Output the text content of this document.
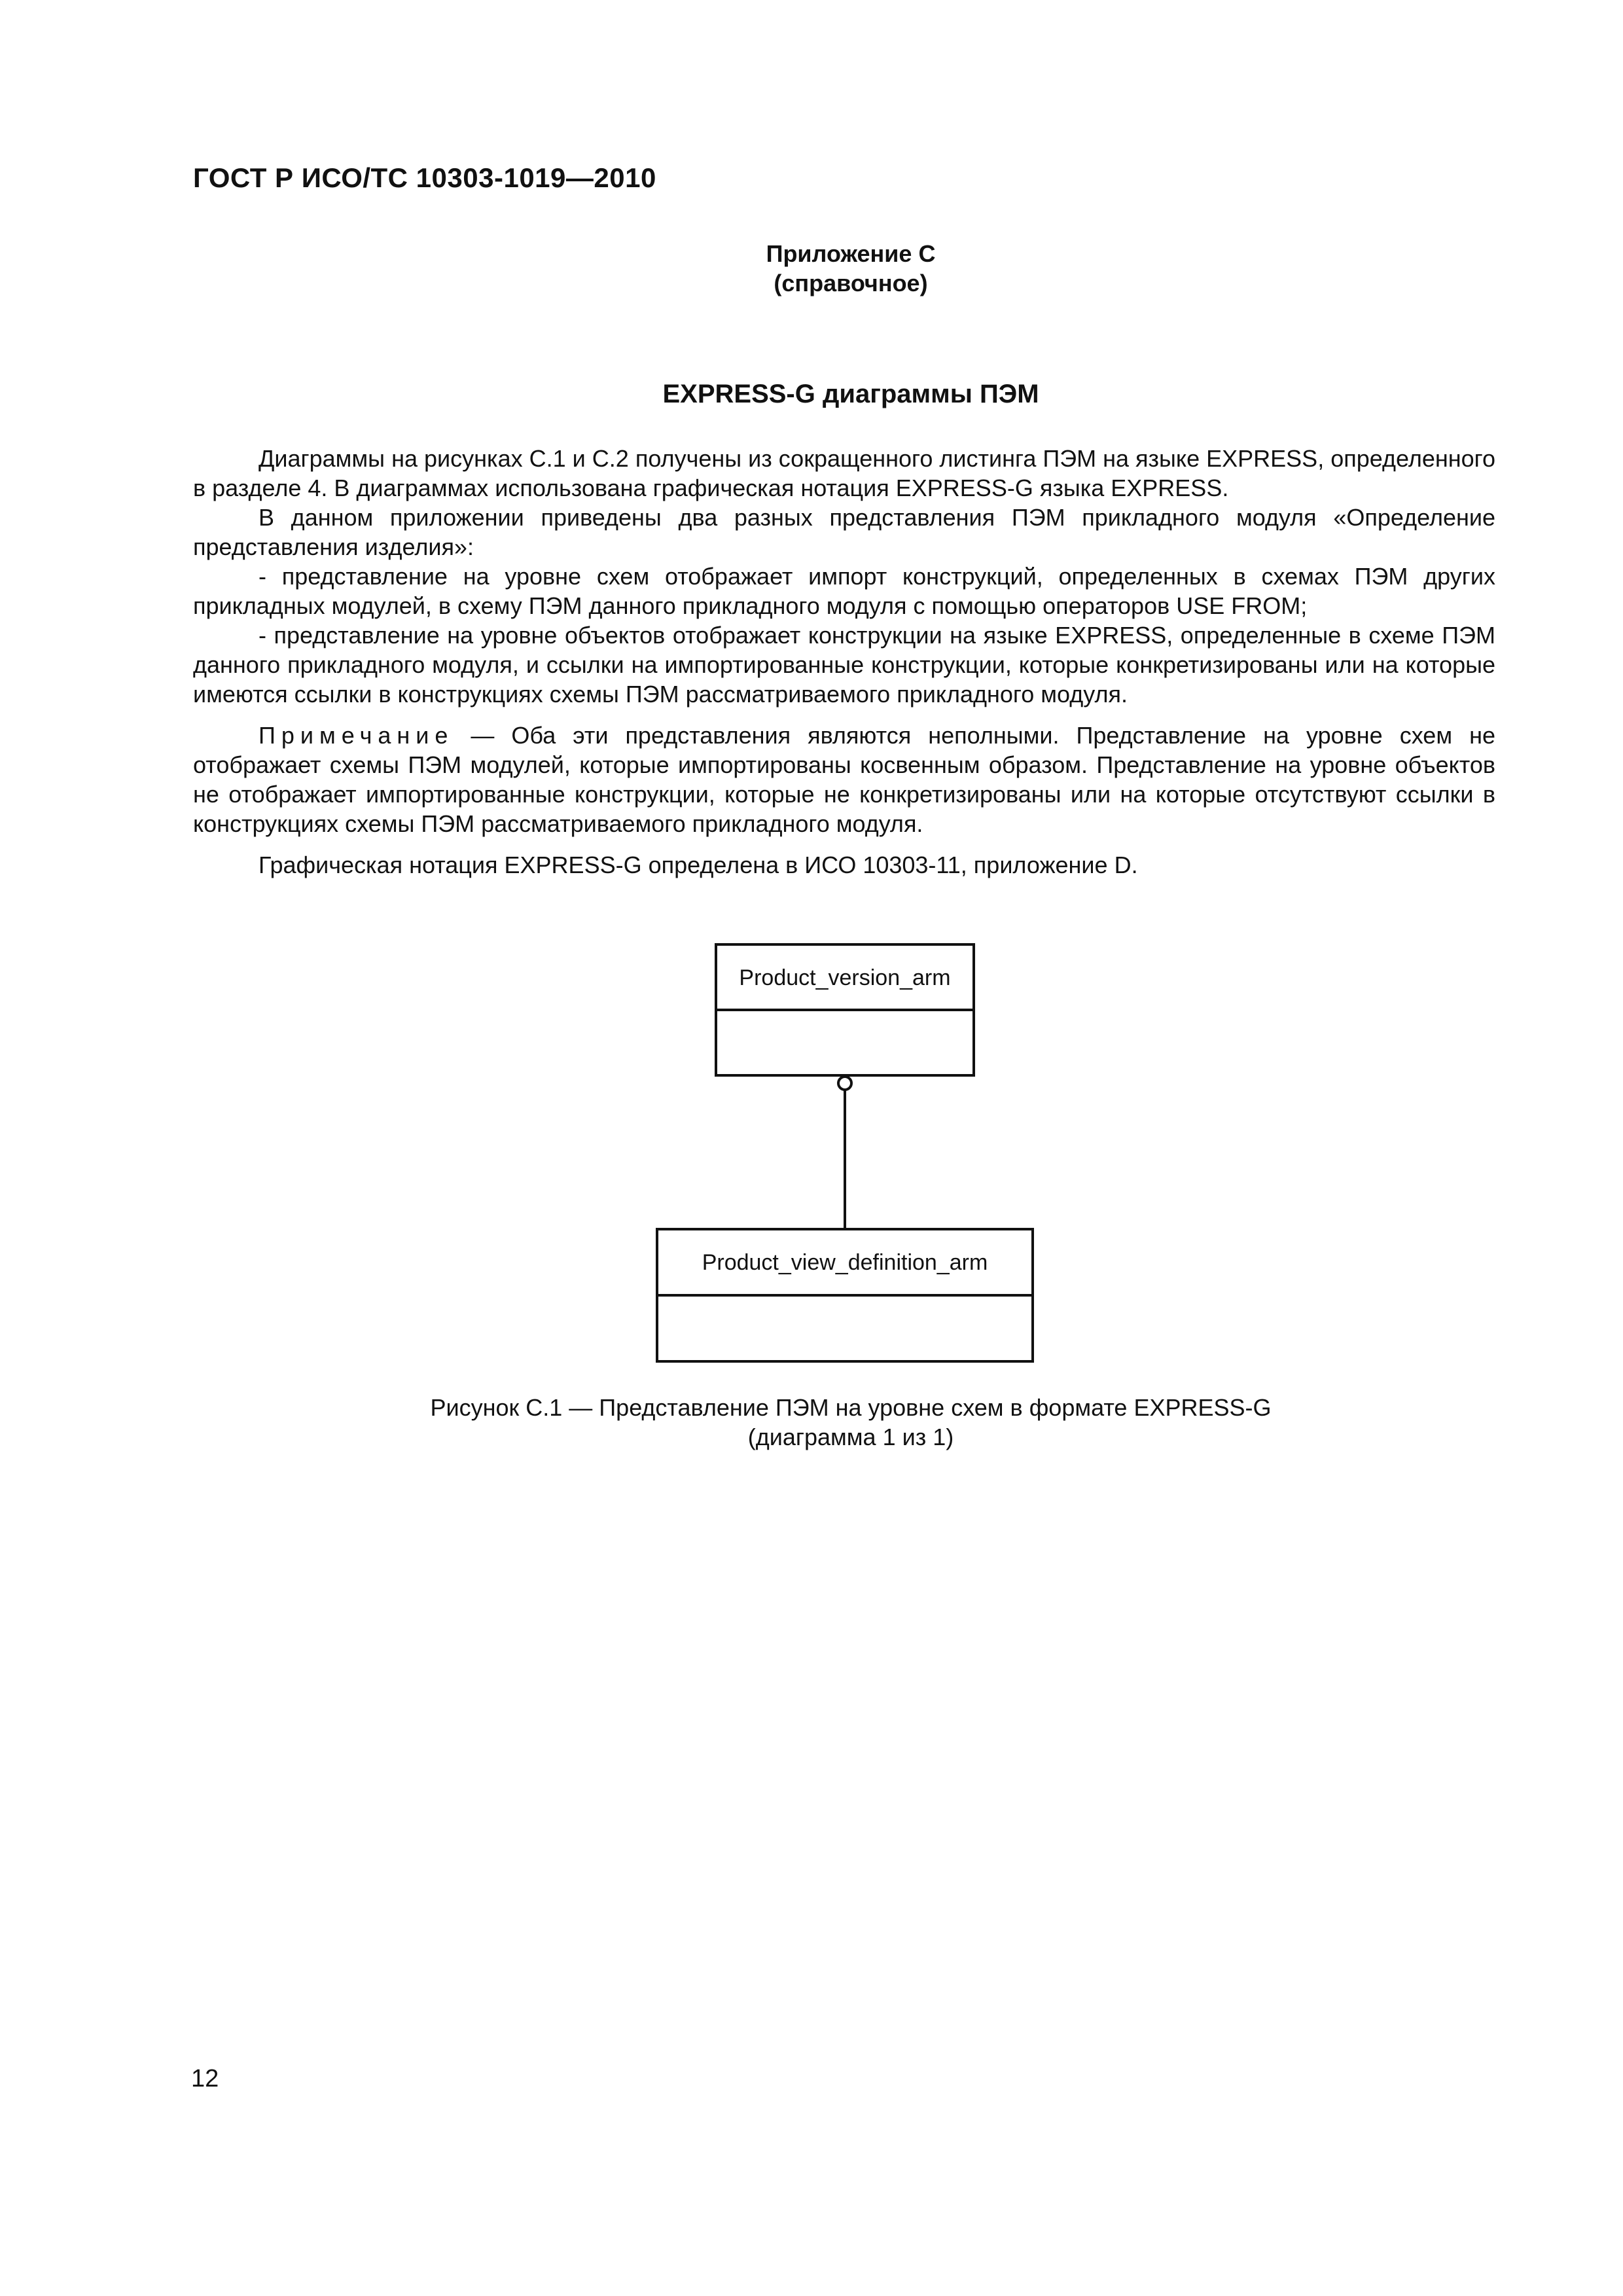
ГОСТ Р ИСО/ТС 10303-1019—2010
Приложение C
(справочное)
EXPRESS-G диаграммы ПЭМ

Диаграммы на рисунках C.1 и C.2 получены из сокращенного листинга ПЭМ на языке EXPRESS, определенного в разделе 4. В диаграммах использована графическая нотация EXPRESS-G языка EXPRESS.

В данном приложении приведены два разных представления ПЭМ прикладного модуля «Определение представления изделия»:

- представление на уровне схем отображает импорт конструкций, определенных в схемах ПЭМ других прикладных модулей, в схему ПЭМ данного прикладного модуля с помощью операторов USE FROM;

- представление на уровне объектов отображает конструкции на языке EXPRESS, определенные в схеме ПЭМ данного прикладного модуля, и ссылки на импортированные конструкции, которые конкретизированы или на которые имеются ссылки в конструкциях схемы ПЭМ рассматриваемого прикладного модуля.

Примечание — Оба эти представления являются неполными. Представление на уровне схем не отображает схемы ПЭМ модулей, которые импортированы косвенным образом. Представление на уровне объектов не отображает импортированные конструкции, которые не конкретизированы или на которые отсутствуют ссылки в конструкциях схемы ПЭМ рассматриваемого прикладного модуля.

Графическая нотация EXPRESS-G определена в ИСО 10303-11, приложение D.

Product_version_arm
Product_view_definition_arm
Рисунок C.1 — Представление ПЭМ на уровне схем в формате EXPRESS-G
(диаграмма 1 из 1)
12
